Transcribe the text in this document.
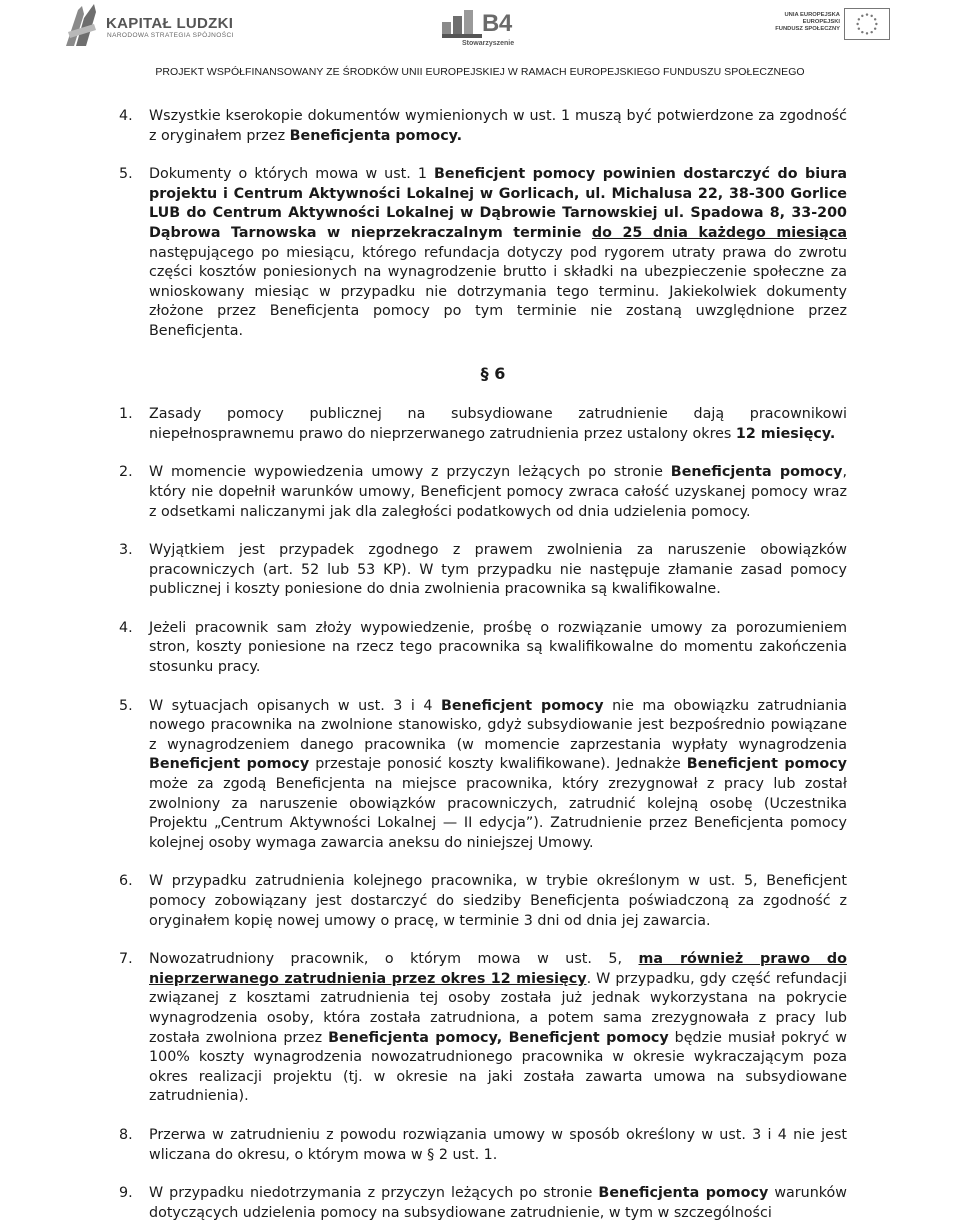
KAPITAŁ LUDZKI
NARODOWA STRATEGIA SPÓJNOŚCI	B4
Stowarzyszenie
UNIA EUROPEJSKA
EUROPEJSKI
FUNDUSZ SPOŁECZNY
PROJEKT WSPÓŁFINANSOWANY ZE ŚRODKÓW UNII EUROPEJSKIEJ W RAMACH EUROPEJSKIEGO FUNDUSZU SPOŁECZNEGO
4. Wszystkie kserokopie dokumentów wymienionych w ust. 1 muszą być potwierdzone za zgodność z oryginałem przez Beneficjenta pomocy.
5. Dokumenty o których mowa w ust. 1 Beneficjent pomocy powinien dostarczyć do biura projektu i Centrum Aktywności Lokalnej w Gorlicach, ul. Michalusa 22, 38-300 Gorlice LUB do Centrum Aktywności Lokalnej w Dąbrowie Tarnowskiej ul. Spadowa 8, 33-200 Dąbrowa Tarnowska w nieprzekraczalnym terminie do 25 dnia każdego miesiąca następującego po miesiącu, którego refundacja dotyczy pod rygorem utraty prawa do zwrotu części kosztów poniesionych na wynagrodzenie brutto i składki na ubezpieczenie społeczne za wnioskowany miesiąc w przypadku nie dotrzymania tego terminu. Jakiekolwiek dokumenty złożone przez Beneficjenta pomocy po tym terminie nie zostaną uwzględnione przez Beneficjenta.
§ 6
1. Zasady pomocy publicznej na subsydiowane zatrudnienie dają pracownikowi niepełnosprawnemu prawo do nieprzerwanego zatrudnienia przez ustalony okres 12 miesięcy.
2. W momencie wypowiedzenia umowy z przyczyn leżących po stronie Beneficjenta pomocy, który nie dopełnił warunków umowy, Beneficjent pomocy zwraca całość uzyskanej pomocy wraz z odsetkami naliczanymi jak dla zaległości podatkowych od dnia udzielenia pomocy.
3. Wyjątkiem jest przypadek zgodnego z prawem zwolnienia za naruszenie obowiązków pracowniczych (art. 52 lub 53 KP). W tym przypadku nie następuje złamanie zasad pomocy publicznej i koszty poniesione do dnia zwolnienia pracownika są kwalifikowalne.
4. Jeżeli pracownik sam złoży wypowiedzenie, prośbę o rozwiązanie umowy za porozumieniem stron, koszty poniesione na rzecz tego pracownika są kwalifikowalne do momentu zakończenia stosunku pracy.
5. W sytuacjach opisanych w ust. 3 i 4 Beneficjent pomocy nie ma obowiązku zatrudniania nowego pracownika na zwolnione stanowisko, gdyż subsydiowanie jest bezpośrednio powiązane z wynagrodzeniem danego pracownika (w momencie zaprzestania wypłaty wynagrodzenia Beneficjent pomocy przestaje ponosić koszty kwalifikowane). Jednakże Beneficjent pomocy może za zgodą Beneficjenta na miejsce pracownika, który zrezygnował z pracy lub został zwolniony za naruszenie obowiązków pracowniczych, zatrudnić kolejną osobę (Uczestnika Projektu „Centrum Aktywności Lokalnej — II edycja”). Zatrudnienie przez Beneficjenta pomocy kolejnej osoby wymaga zawarcia aneksu do niniejszej Umowy.
6. W przypadku zatrudnienia kolejnego pracownika, w trybie określonym w ust. 5, Beneficjent pomocy zobowiązany jest dostarczyć do siedziby Beneficjenta poświadczoną za zgodność z oryginałem kopię nowej umowy o pracę, w terminie 3 dni od dnia jej zawarcia.
7. Nowozatrudniony pracownik, o którym mowa w ust. 5, ma również prawo do nieprzerwanego zatrudnienia przez okres 12 miesięcy. W przypadku, gdy część refundacji związanej z kosztami zatrudnienia tej osoby została już jednak wykorzystana na pokrycie wynagrodzenia osoby, która została zatrudniona, a potem sama zrezygnowała z pracy lub została zwolniona przez Beneficjenta pomocy, Beneficjent pomocy będzie musiał pokryć w 100% koszty wynagrodzenia nowozatrudnionego pracownika w okresie wykraczającym poza okres realizacji projektu (tj. w okresie na jaki została zawarta umowa na subsydiowane zatrudnienia).
8. Przerwa w zatrudnieniu z powodu rozwiązania umowy w sposób określony w ust. 3 i 4 nie jest wliczana do okresu, o którym mowa w § 2 ust. 1.
9. W przypadku niedotrzymania z przyczyn leżących po stronie Beneficjenta pomocy warunków dotyczących udzielenia pomocy na subsydiowane zatrudnienie, w tym w szczególności
